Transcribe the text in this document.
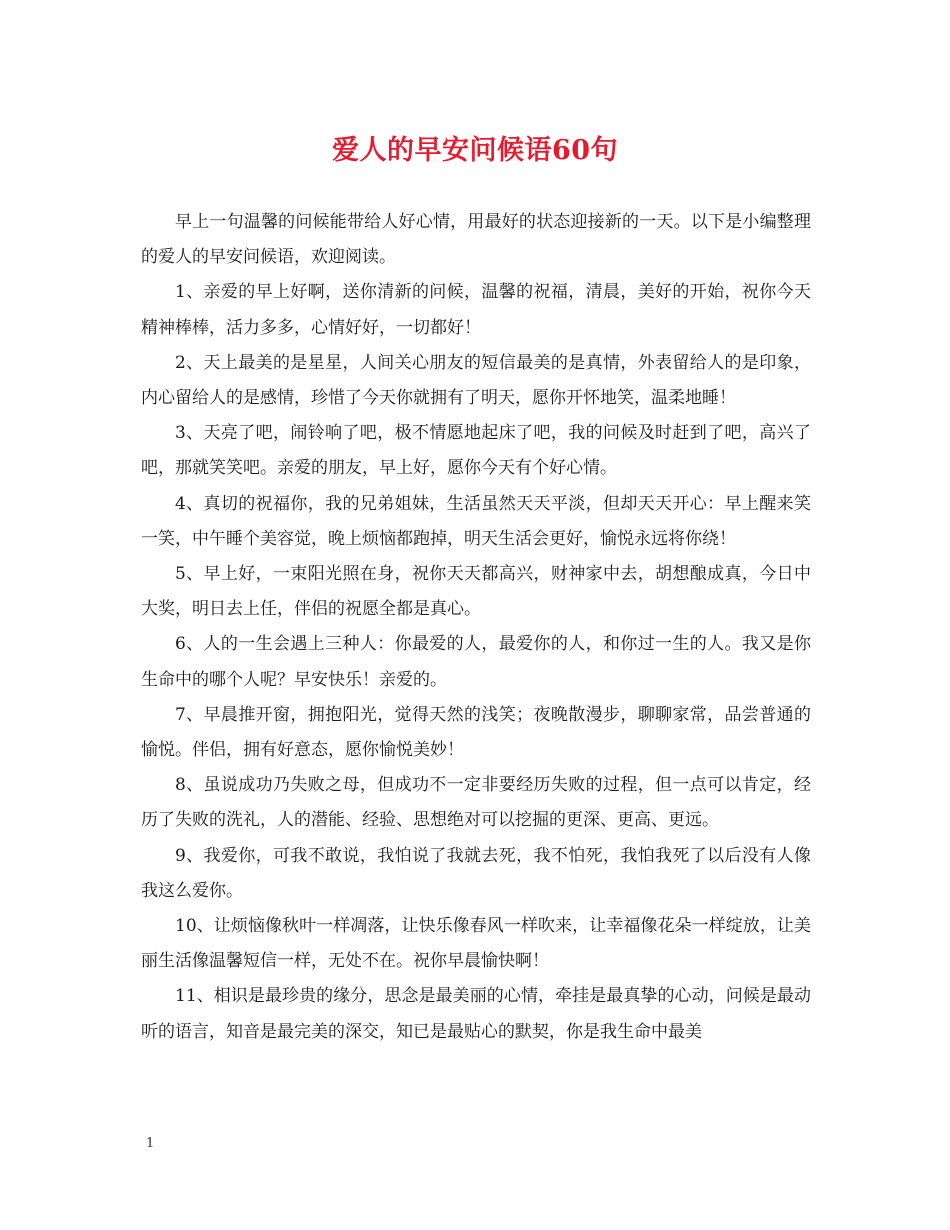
爱人的早安问候语60句

早上一句温馨的问候能带给人好心情，用最好的状态迎接新的一天。以下是小编整理的爱人的早安问候语，欢迎阅读。

1、亲爱的早上好啊，送你清新的问候，温馨的祝福，清晨，美好的开始，祝你今天精神棒棒，活力多多，心情好好，一切都好！

2、天上最美的是星星，人间关心朋友的短信最美的是真情，外表留给人的是印象，内心留给人的是感情，珍惜了今天你就拥有了明天，愿你开怀地笑，温柔地睡！

3、天亮了吧，闹铃响了吧，极不情愿地起床了吧，我的问候及时赶到了吧，高兴了吧，那就笑笑吧。亲爱的朋友，早上好，愿你今天有个好心情。

4、真切的祝福你，我的兄弟姐妹，生活虽然天天平淡，但却天天开心：早上醒来笑一笑，中午睡个美容觉，晚上烦恼都跑掉，明天生活会更好，愉悦永远将你绕！

5、早上好，一束阳光照在身，祝你天天都高兴，财神家中去，胡想酿成真，今日中大奖，明日去上任，伴侣的祝愿全都是真心。

6、人的一生会遇上三种人：你最爱的人，最爱你的人，和你过一生的人。我又是你生命中的哪个人呢？早安快乐！亲爱的。

7、早晨推开窗，拥抱阳光，觉得天然的浅笑；夜晚散漫步，聊聊家常，品尝普通的愉悦。伴侣，拥有好意态，愿你愉悦美妙！

8、虽说成功乃失败之母，但成功不一定非要经历失败的过程，但一点可以肯定，经历了失败的洗礼，人的潜能、经验、思想绝对可以挖掘的更深、更高、更远。

9、我爱你，可我不敢说，我怕说了我就去死，我不怕死，我怕我死了以后没有人像我这么爱你。

10、让烦恼像秋叶一样凋落，让快乐像春风一样吹来，让幸福像花朵一样绽放，让美丽生活像温馨短信一样，无处不在。祝你早晨愉快啊！

11、相识是最珍贵的缘分，思念是最美丽的心情，牵挂是最真挚的心动，问候是最动听的语言，知音是最完美的深交，知已是最贴心的默契，你是我生命中最美

1
